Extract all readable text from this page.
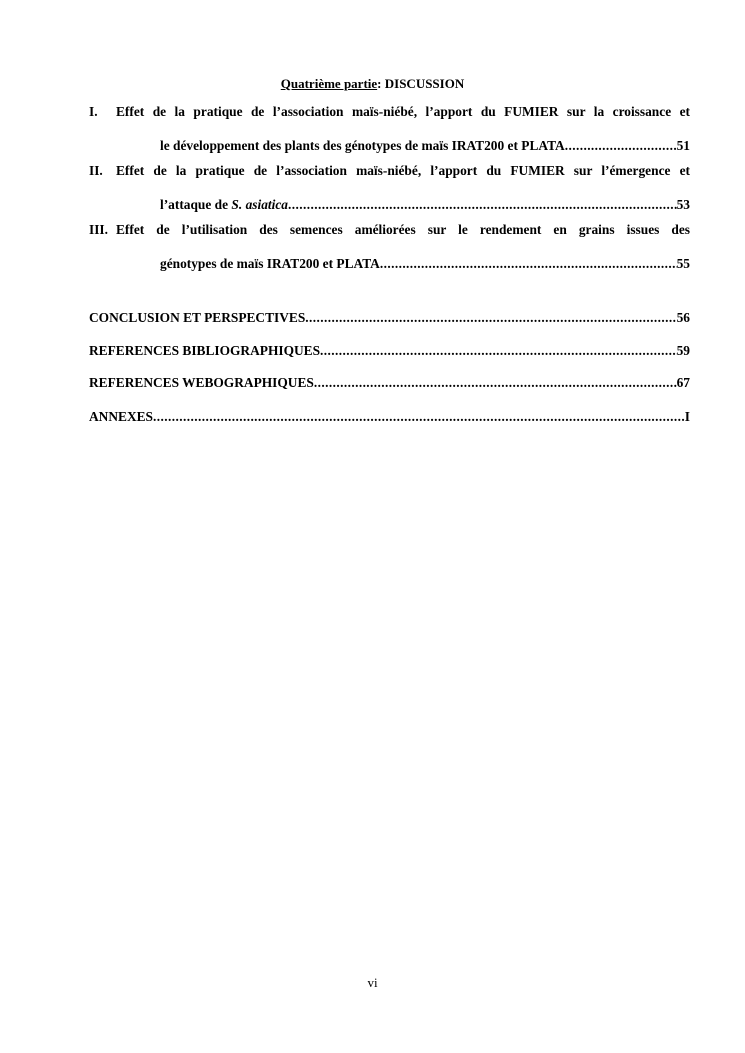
Quatrième partie: DISCUSSION
I.	Effet de la pratique de l’association maïs-niébé, l’apport du FUMIER sur la croissance et
le développement des plants des génotypes de maïs IRAT200 et PLATA .....	51
II. Effet de la pratique de l’association maïs-niébé, l’apport du FUMIER sur l’émergence et
l’attaque de S. asiatica .....	53
III. Effet de l’utilisation des semences améliorées sur le rendement en grains issues des
génotypes de maïs IRAT200 et PLATA .....	55
CONCLUSION ET PERSPECTIVES .....	56
REFERENCES BIBLIOGRAPHIQUES .....	59
REFERENCES WEBOGRAPHIQUES .....	67
ANNEXES .....	I
vi
